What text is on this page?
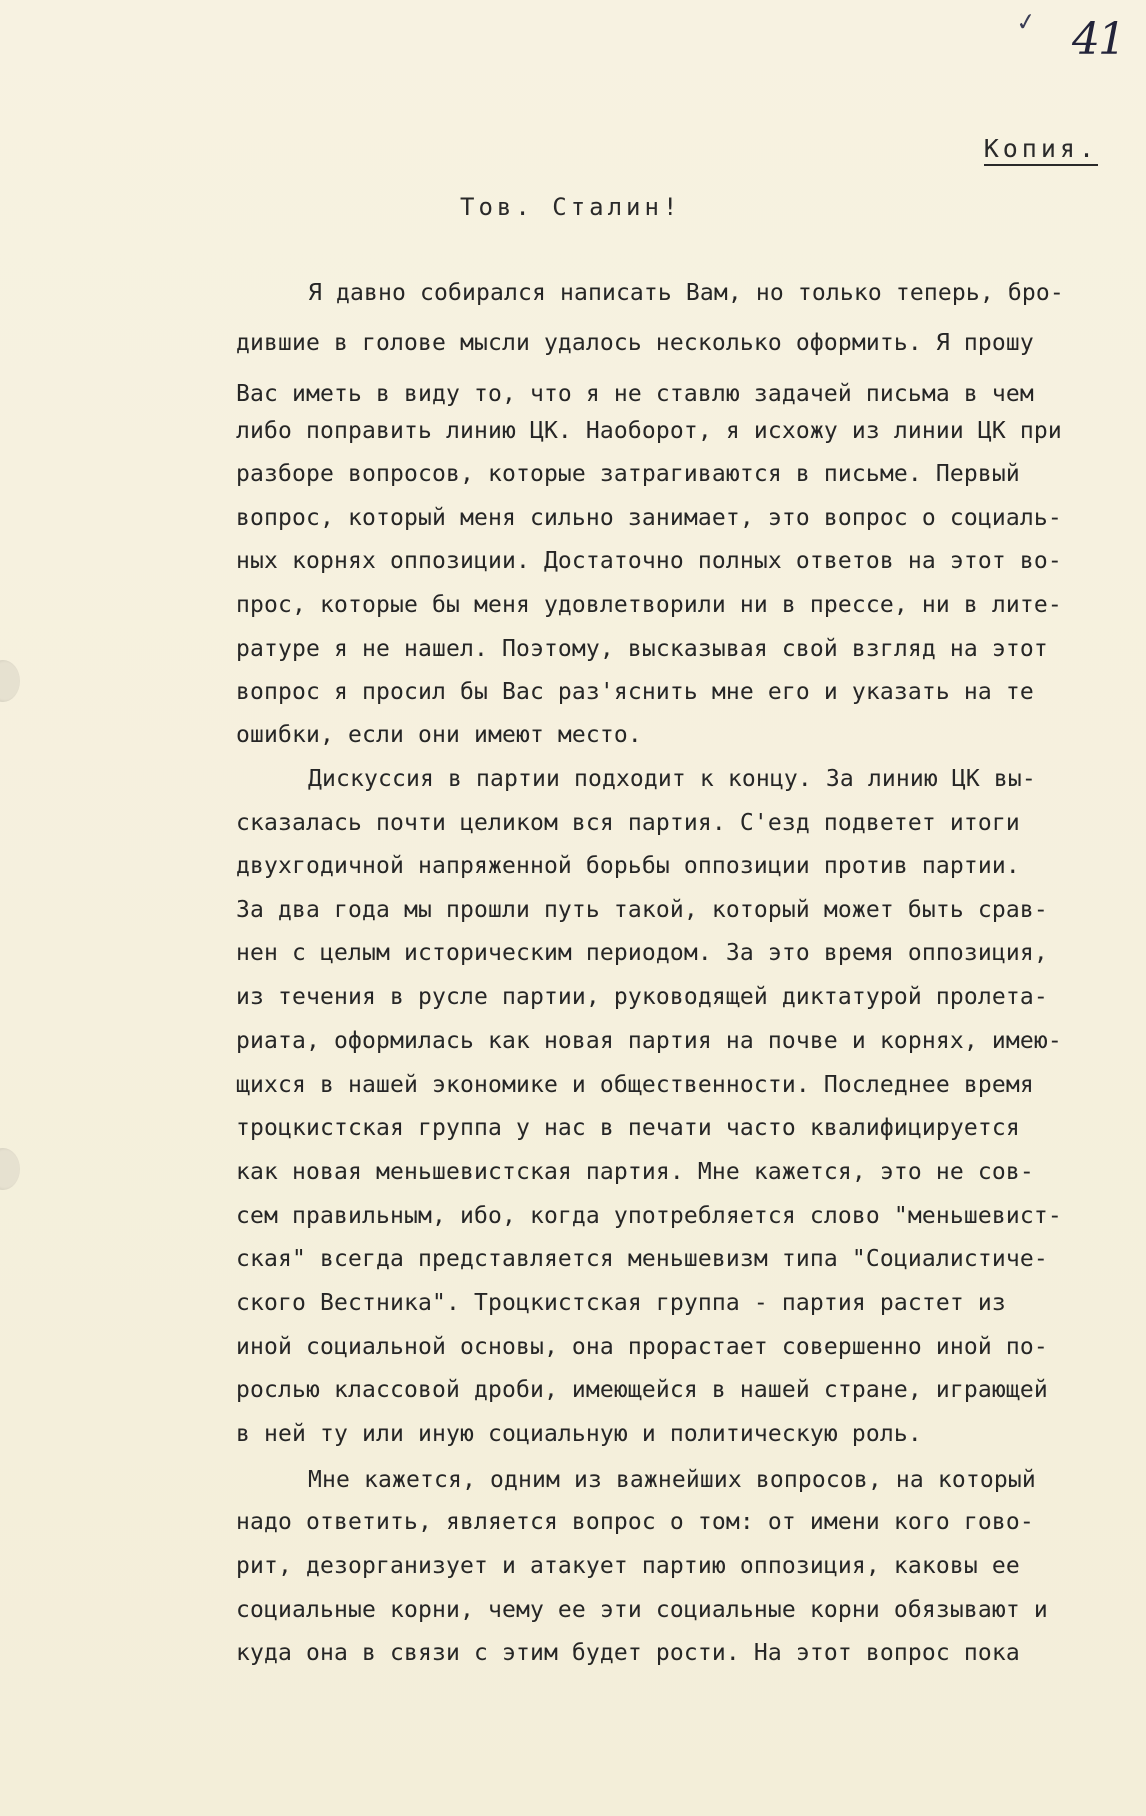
✓ 41
Копия.
Тов. Сталин!
Я давно собирался написать Вам, но только теперь, бро-
дившие в голове мысли удалось несколько оформить. Я прошу
Вас иметь в виду то, что я не ставлю задачей письма в чем
либо поправить линию ЦК. Наоборот, я исхожу из линии ЦК при
разборе вопросов, которые затрагиваются в письме. Первый
вопрос, который меня сильно занимает, это вопрос о социаль-
ных корнях оппозиции. Достаточно полных ответов на этот во-
прос, которые бы меня удовлетворили ни в прессе, ни в лите-
ратуре я не нашел. Поэтому, высказывая свой взгляд на этот
вопрос я просил бы Вас раз'яснить мне его и указать на те
ошибки, если они имеют место.
Дискуссия в партии подходит к концу. За линию ЦК вы-
сказалась почти целиком вся партия. С'езд подветет итоги
двухгодичной напряженной борьбы оппозиции против партии.
За два года мы прошли путь такой, который может быть срав-
нен с целым историческим периодом. За это время оппозиция,
из течения в русле партии, руководящей диктатурой пролета-
риата, оформилась как новая партия на почве и корнях, имею-
щихся в нашей экономике и общественности. Последнее время
троцкистская группа у нас в печати часто квалифицируется
как новая меньшевистская партия. Мне кажется, это не сов-
сем правильным, ибо, когда употребляется слово "меньшевист-
ская" всегда представляется меньшевизм типа "Социалистиче-
ского Вестника". Троцкистская группа - партия растет из
иной социальной основы, она прорастает совершенно иной по-
рослью классовой дроби, имеющейся в нашей стране, играющей
в ней ту или иную социальную и политическую роль.
Мне кажется, одним из важнейших вопросов, на который
надо ответить, является вопрос о том: от имени кого гово-
рит, дезорганизует и атакует партию оппозиция, каковы ее
социальные корни, чему ее эти социальные корни обязывают и
куда она в связи с этим будет рости. На этот вопрос пока
